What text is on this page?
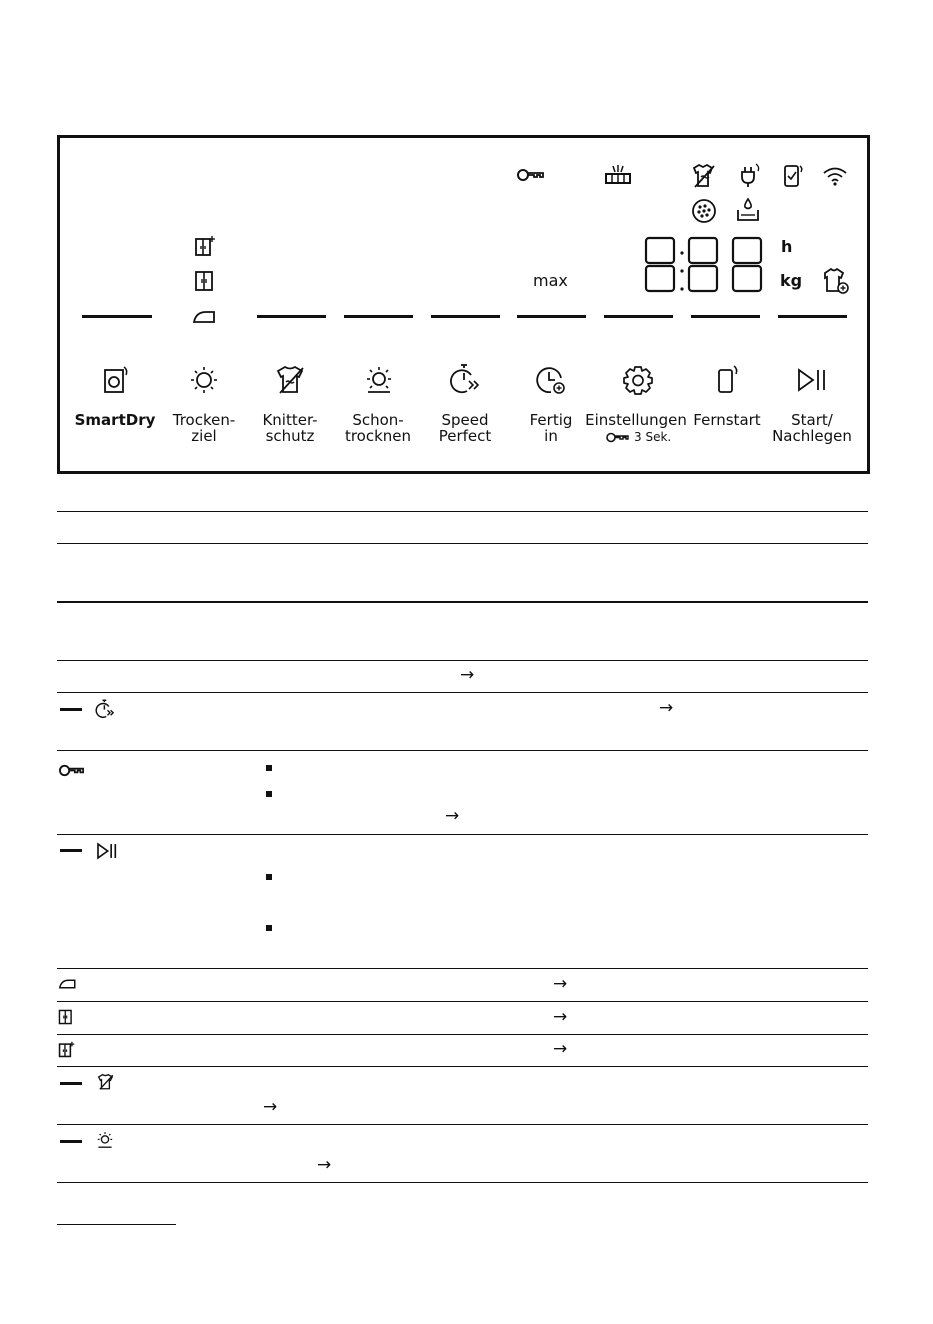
max
h
kg
SmartDry	Trocken-
ziel
Knitter-
schutz
Schon-
trocknen
Speed
Perfect
Fertig
in
Einstellungen Fernstart	Start/
Nachlegen
3 Sek.
→
→
→
→
→
→
→
→
